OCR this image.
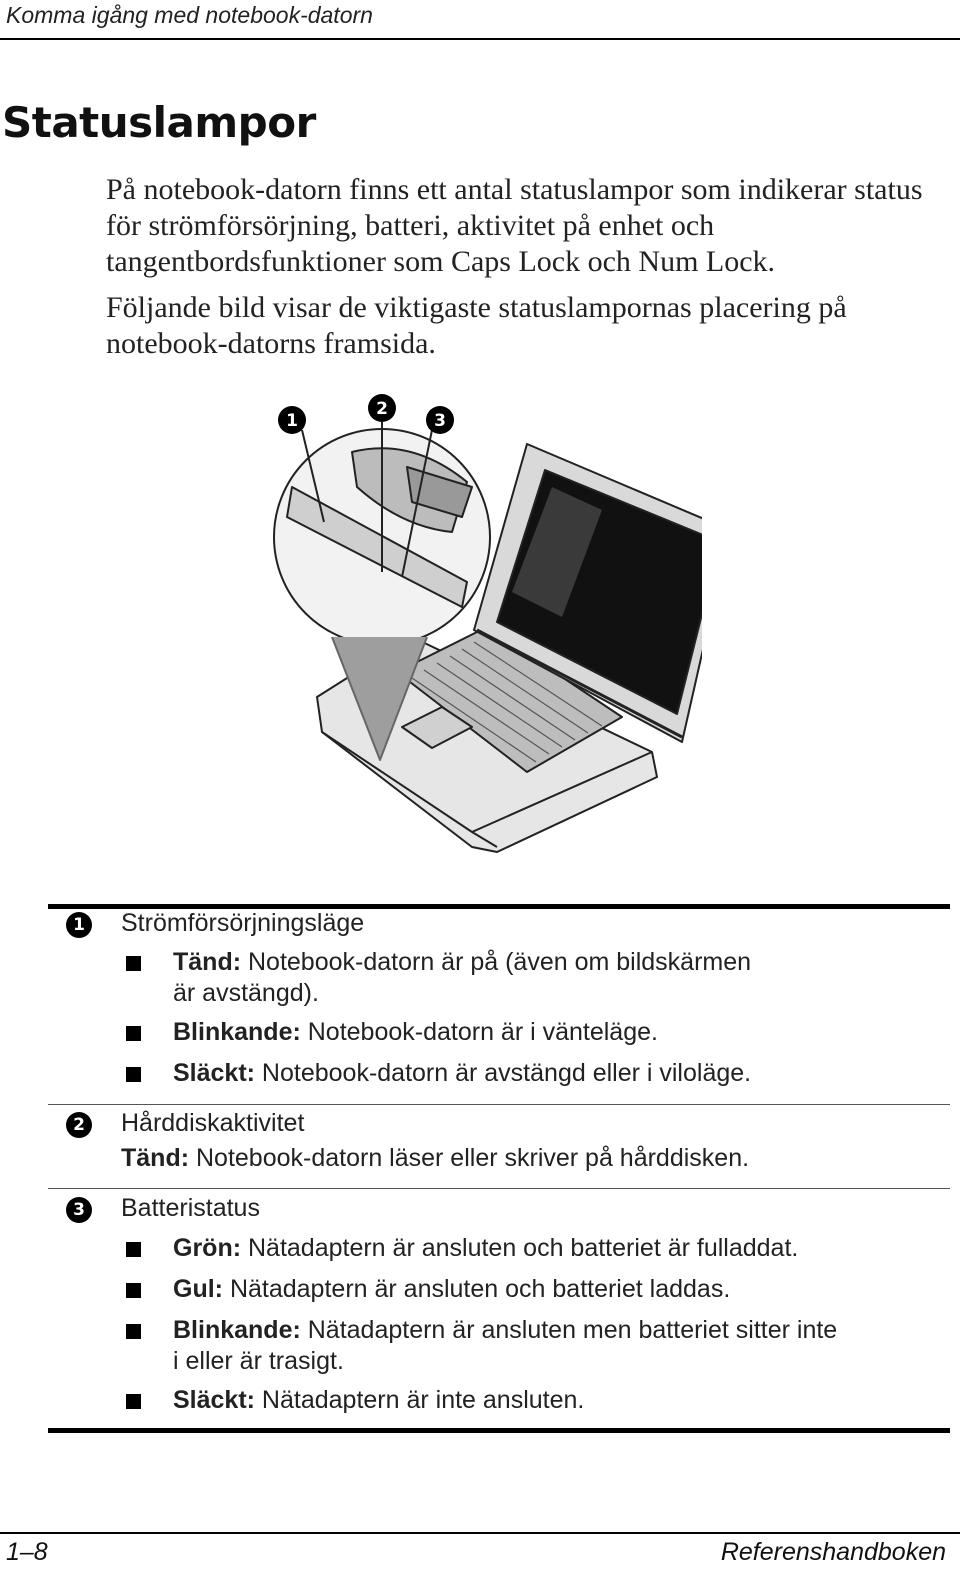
Komma igång med notebook-datorn
Statuslampor

På notebook-datorn finns ett antal statuslampor som indikerar status för strömförsörjning, batteri, aktivitet på enhet och tangentbordsfunktioner som Caps Lock och Num Lock.

Följande bild visar de viktigaste statuslampornas placering på notebook-datorns framsida.

1
2
3
1 Strömförsörjningsläge
Tänd: Notebook-datorn är på (även om bildskärmen
är avstängd).
Blinkande: Notebook-datorn är i vänteläge.
Släckt: Notebook-datorn är avstängd eller i viloläge.
2 Hårddiskaktivitet
Tänd: Notebook-datorn läser eller skriver på hårddisken.
3 Batteristatus
Grön: Nätadaptern är ansluten och batteriet är fulladdat.
Gul: Nätadaptern är ansluten och batteriet laddas.
Blinkande: Nätadaptern är ansluten men batteriet sitter inte
i eller är trasigt.
Släckt: Nätadaptern är inte ansluten.
1–8	Referenshandboken
